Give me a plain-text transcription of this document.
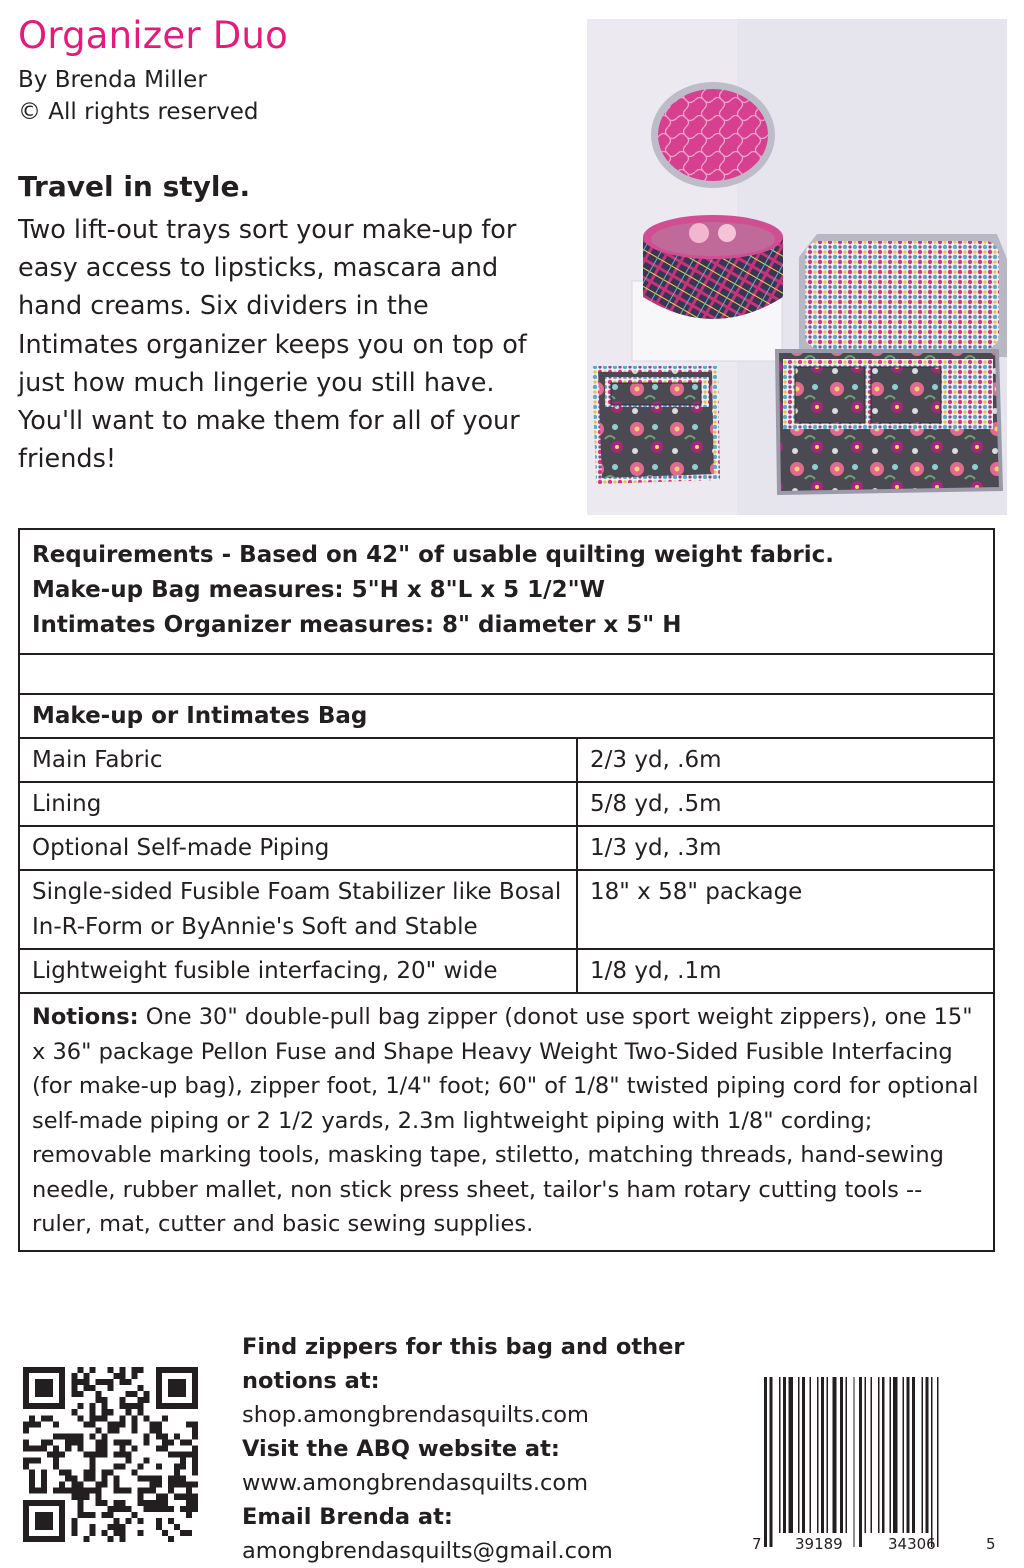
Organizer Duo
By Brenda Miller
© All rights reserved
Travel in style.

Two lift-out trays sort your make-up for easy access to lipsticks, mascara and hand creams. Six dividers in the Intimates organizer keeps you on top of just how much lingerie you still have. You'll want to make them for all of your friends!

Requirements - Based on 42" of usable quilting weight fabric.
Make-up Bag measures: 5"H x 8"L x 5 1/2"W
Intimates Organizer measures: 8" diameter x 5" H	

Make-up or Intimates Bag	
Main Fabric	2/3 yd, .6m
Lining	5/8 yd, .5m
Optional Self-made Piping	1/3 yd, .3m
Single-sided Fusible Foam Stabilizer like Bosal In-R-Form or ByAnnie's Soft and Stable	18" x 58" package
Lightweight fusible interfacing, 20" wide	1/8 yd, .1m
Notions: One 30" double-pull bag zipper (donot use sport weight zippers), one 15" x 36" package Pellon Fuse and Shape Heavy Weight Two-Sided Fusible Interfacing (for make-up bag), zipper foot, 1/4" foot; 60" of 1/8" twisted piping cord for optional self-made piping or 2 1/2 yards, 2.3m lightweight piping with 1/8" cording; removable marking tools, masking tape, stiletto, matching threads, hand-sewing needle, rubber mallet, non stick press sheet, tailor's ham rotary cutting tools -- ruler, mat, cutter and basic sewing supplies.	
Find zippers for this bag and other notions at:
shop.amongbrendasquilts.com
Visit the ABQ website at:
www.amongbrendasquilts.com
Email Brenda at:
amongbrendasquilts@gmail.com	7 39189	34306	5
